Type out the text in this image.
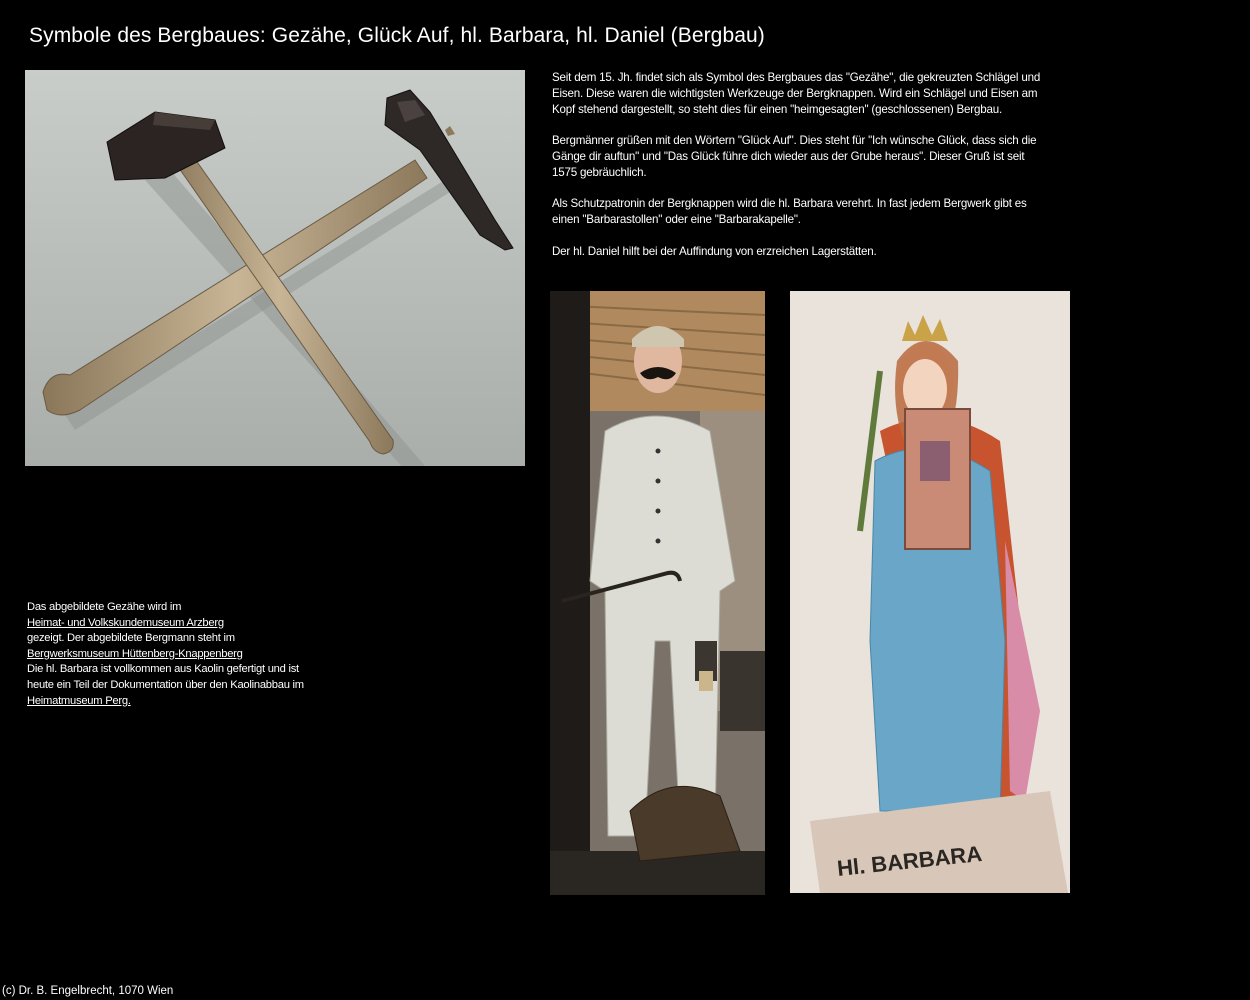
Symbole des Bergbaues: Gezähe, Glück Auf, hl. Barbara, hl. Daniel (Bergbau)

Seit dem 15. Jh. findet sich als Symbol des Bergbaues das "Gezähe", die gekreuzten Schlägel und Eisen. Diese waren die wichtigsten Werkzeuge der Bergknappen. Wird ein Schlägel und Eisen am Kopf stehend dargestellt, so steht dies für einen "heimgesagten" (geschlossenen) Bergbau.

Bergmänner grüßen mit den Wörtern "Glück Auf". Dies steht für "Ich wünsche Glück, dass sich die Gänge dir auftun" und "Das Glück führe dich wieder aus der Grube heraus". Dieser Gruß ist seit 1575 gebräuchlich.

Als Schutzpatronin der Bergknappen wird die hl. Barbara verehrt. In fast jedem Bergwerk gibt es einen "Barbarastollen" oder eine "Barbarakapelle".

Der hl. Daniel hilft bei der Auffindung von erzreichen Lagerstätten.

Hl. BARBARA
Das abgebildete Gezähe wird im
Heimat- und Volkskundemuseum Arzberg
gezeigt. Der abgebildete Bergmann steht im
Bergwerksmuseum Hüttenberg-Knappenberg
Die hl. Barbara ist vollkommen aus Kaolin gefertigt und ist heute ein Teil der Dokumentation über den Kaolinabbau im
Heimatmuseum Perg.
(c) Dr. B. Engelbrecht, 1070 Wien
